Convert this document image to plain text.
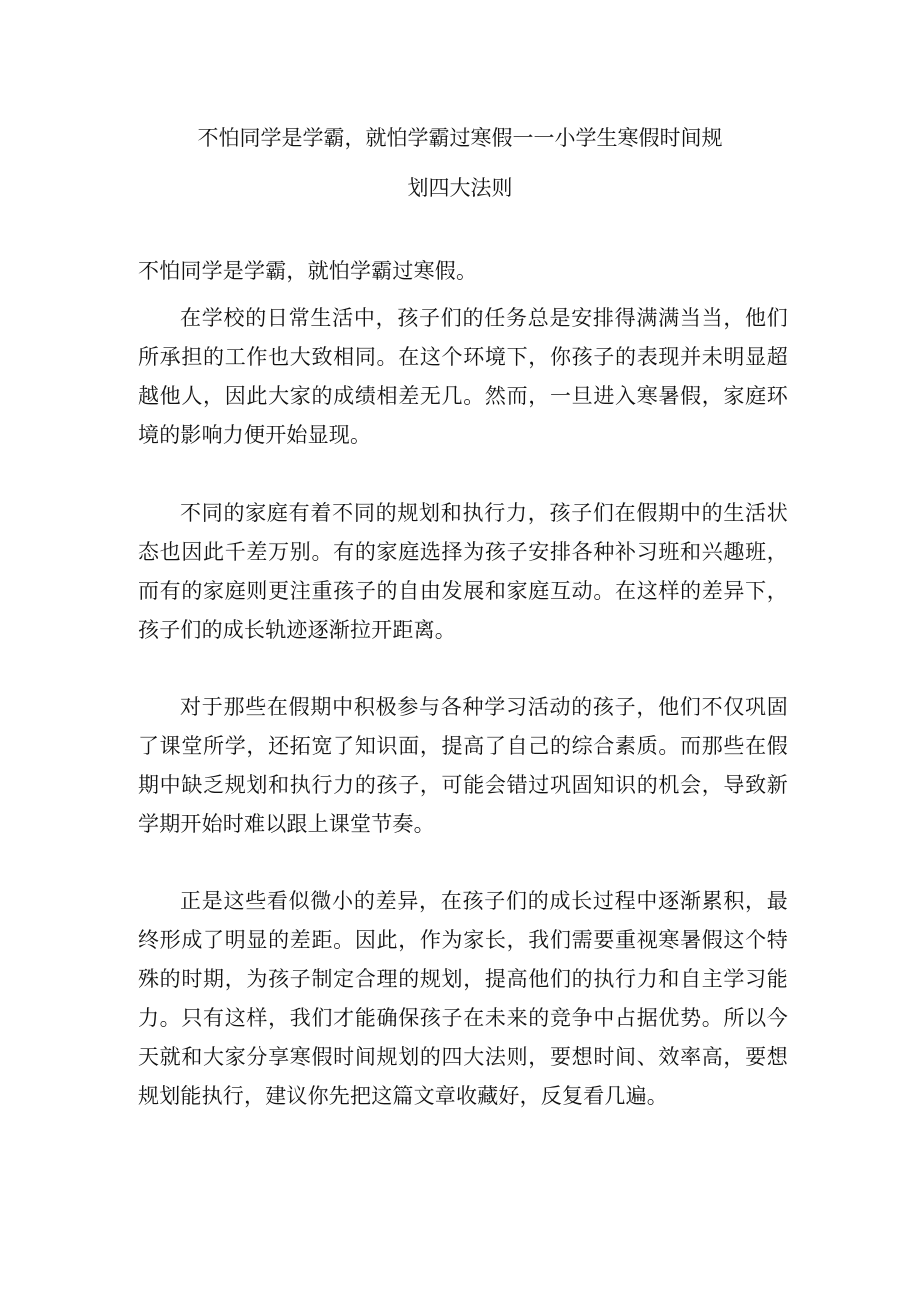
不怕同学是学霸，就怕学霸过寒假一一小学生寒假时间规
划四大法则

不怕同学是学霸，就怕学霸过寒假。

在学校的日常生活中，孩子们的任务总是安排得满满当当，他们所承担的工作也大致相同。在这个环境下，你孩子的表现并未明显超越他人，因此大家的成绩相差无几。然而，一旦进入寒暑假，家庭环境的影响力便开始显现。

不同的家庭有着不同的规划和执行力，孩子们在假期中的生活状态也因此千差万别。有的家庭选择为孩子安排各种补习班和兴趣班，而有的家庭则更注重孩子的自由发展和家庭互动。在这样的差异下，孩子们的成长轨迹逐渐拉开距离。

对于那些在假期中积极参与各种学习活动的孩子，他们不仅巩固了课堂所学，还拓宽了知识面，提高了自己的综合素质。而那些在假期中缺乏规划和执行力的孩子，可能会错过巩固知识的机会，导致新学期开始时难以跟上课堂节奏。

正是这些看似微小的差异，在孩子们的成长过程中逐渐累积，最终形成了明显的差距。因此，作为家长，我们需要重视寒暑假这个特殊的时期，为孩子制定合理的规划，提高他们的执行力和自主学习能力。只有这样，我们才能确保孩子在未来的竞争中占据优势。所以今天就和大家分享寒假时间规划的四大法则，要想时间、效率高，要想规划能执行，建议你先把这篇文章收藏好，反复看几遍。
